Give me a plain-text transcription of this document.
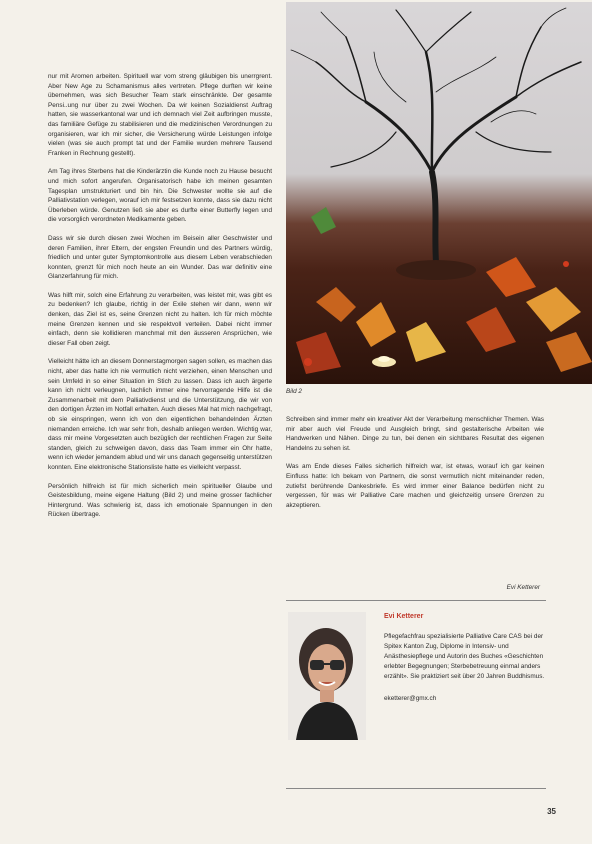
nur mit Aromen arbeiten. Spirituell war vom streng gläubigen bis unerrgrent. Aber New Age zu Schamanismus alles vertreten. Pflege durften wir keine übernehmen, was sich Besucher Team stark einschränkte. Der gesamte Pensi..ung nur über zu zwei Wochen. Da wir keinen Sozialdienst Auftrag hatten, sie wasserkantonal war und ich demnach viel Zeit aufbringen musste, das familiäre Gefüge zu stabilisieren und die medizinischen Verordnungen zu organisieren, war ich mir sicher, die Versicherung würde Leistungen infolge vielen (was sie auch prompt tat und der Familie wurden mehrere Tausend Franken in Rechnung gestellt).

Am Tag ihres Sterbens hat die Kinderärztin die Kunde noch zu Hause besucht und mich sofort angerufen. Organisatorisch habe ich meinen gesamten Tagesplan umstrukturiert und bin hin. Die Schwester wollte sie auf die Palliativstation verlegen, worauf ich mir festsetzen konnte, dass sie dazu nicht Überleben würde. Genutzen ließ sie aber es durfte einer Butterfly legen und die vorsorglich verordneten Medikamente geben.

Dass wir sie durch diesen zwei Wochen im Beisein aller Geschwister und deren Familien, ihrer Eltern, der engsten Freundin und des Partners würdig, friedlich und unter guter Symptomkontrolle aus diesem Leben verabschieden konnten, grenzt für mich noch heute an ein Wunder. Das war definitiv eine Glanzerfahrung für mich.

Was hilft mir, solch eine Erfahrung zu verarbeiten, was leistet mir, was gibt es zu bedenken? Ich glaube, richtig in der Exile stehen wir dann, wenn wir denken, das Ziel ist es, seine Grenzen nicht zu halten. Ich für mich möchte meine Grenzen kennen und sie respektvoll verteilen. Dabei nicht immer einfach, denn sie kollidieren manchmal mit den äusseren Ansprüchen, wie dieser Fall oben zeigt.

Vielleicht hätte ich an diesem Donnerstagmorgen sagen sollen, es machen das nicht, aber das hatte ich nie vermutlich nicht verziehen, einen Menschen und sein Umfeld in so einer Situation im Stich zu lassen. Dass ich auch ärgerte kann ich nicht verleugnen, lachlich immer eine hervorragende Hilfe ist die Zusammenarbeit mit dem Palliativdienst und die Unterstützung, die wir von den dortigen Ärzten im Notfall erhalten. Auch dieses Mal hat mich nachgefragt, ob sie einspringen, wenn ich von den eigentlichen behandelnden Ärzten niemanden erreiche. Ich war sehr froh, deshalb anliegen werden. Wichtig war, dass mir meine Vorgesetzten auch bezüglich der rechtlichen Fragen zur Seite standen, gleich zu schweigen davon, dass das Team immer ein Ohr hatte, wenn ich wieder jemandem ablud und wir uns danach gegenseitig unterstützen konnten. Eine elektronische Stationsliste hatte es vielleicht verpasst.

Persönlich hilfreich ist für mich sicherlich mein spiritueller Glaube und Geistesbildung, meine eigene Haltung (Bild 2) und meine grosser fachlicher Hintergrund. Was schwierig ist, dass ich emotionale Spannungen in den Rücken übertrage.

Bild 2

Schreiben sind immer mehr ein kreativer Akt der Verarbeitung menschlicher Themen. Was mir aber auch viel Freude und Ausgleich bringt, sind gestalterische Arbeiten wie Handwerken und Nähen. Dinge zu tun, bei denen ein sichtbares Resultat des eigenen Handelns zu sehen ist.

Was am Ende dieses Falles sicherlich hilfreich war, ist etwas, worauf ich gar keinen Einfluss hatte: Ich bekam von Partnern, die sonst vermutlich nicht miteinander reden, zutiefst berührende Dankesbriefe. Es wird immer einer Balance bedürfen nicht zu vergessen, für was wir Palliative Care machen und gleichzeitig unsere Grenzen zu akzeptieren.

Evi Ketterer
Evi Ketterer

Pflegefachfrau spezialisierte Palliative Care CAS bei der Spitex Kanton Zug, Diplome in Intensiv- und Anästhesiepflege und Autorin des Buches «Geschichten erlebter Begegnungen; Sterbebetreuung einmal anders erzählt». Sie praktiziert seit über 20 Jahren Buddhismus.

eketterer@gmx.ch
35
